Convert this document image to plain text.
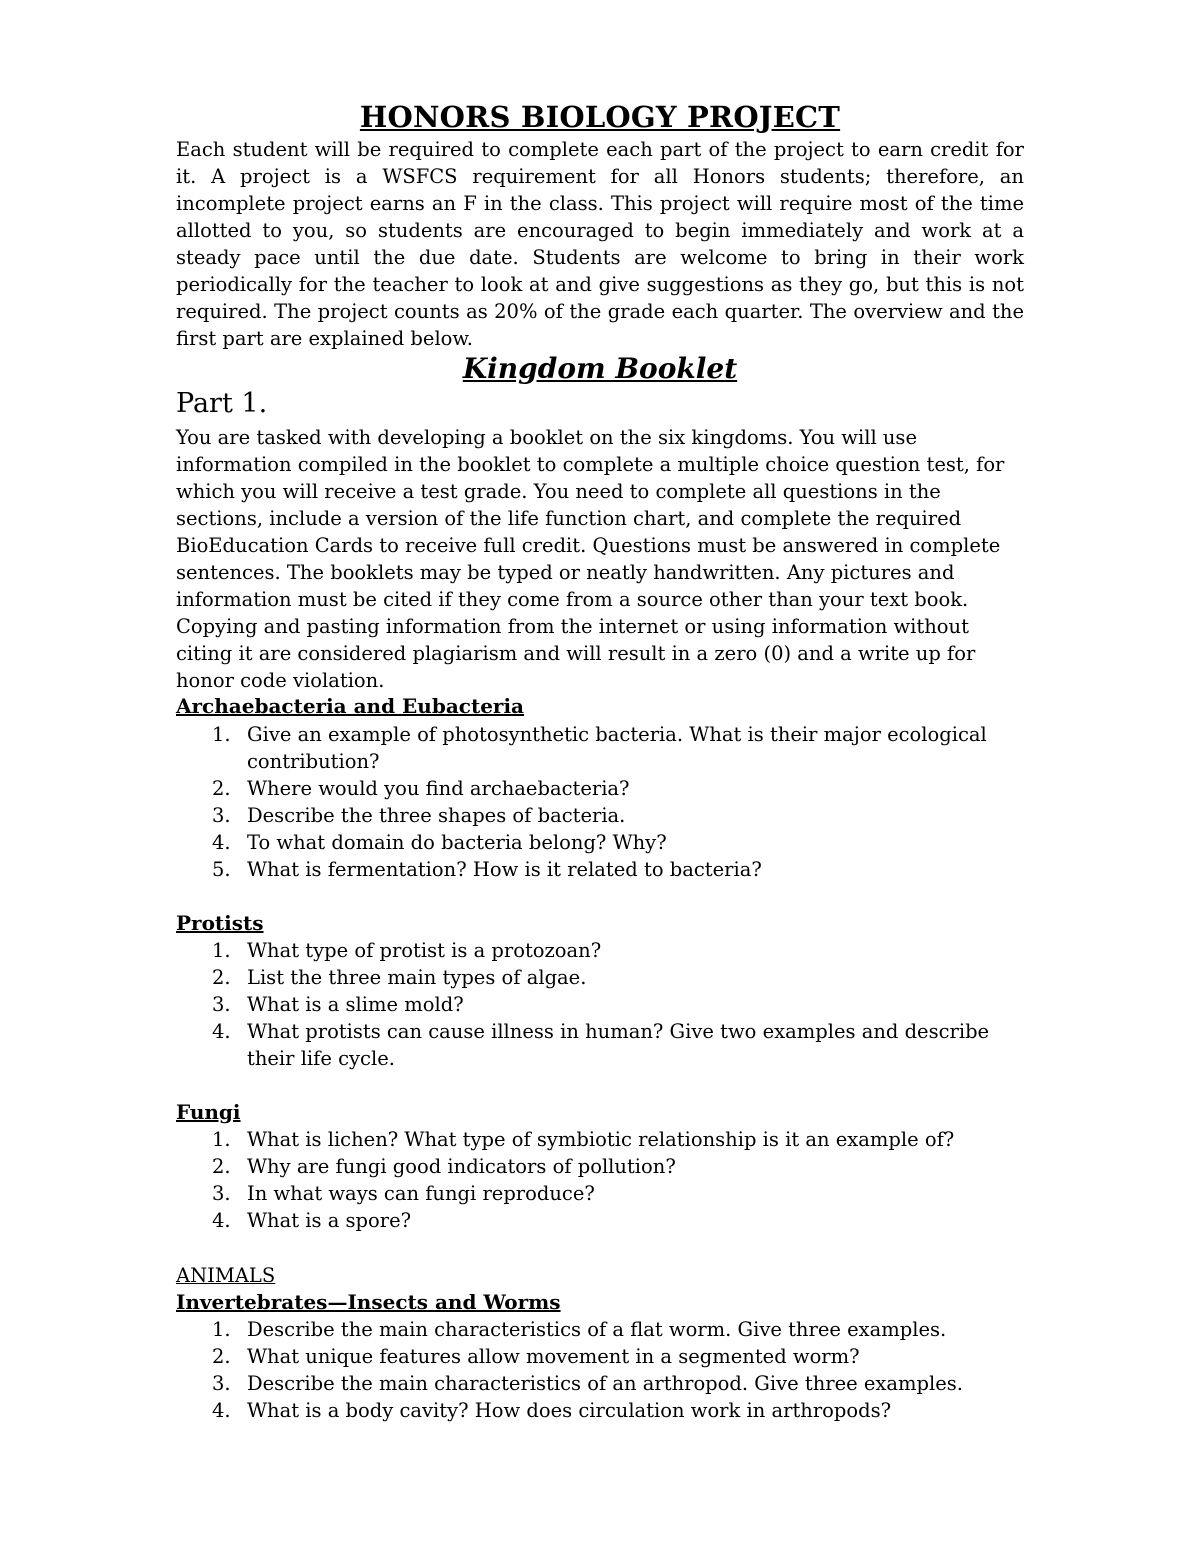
HONORS BIOLOGY PROJECT

Each student will be required to complete each part of the project to earn credit for it. A project is a WSFCS requirement for all Honors students; therefore, an incomplete project earns an F in the class. This project will require most of the time allotted to you, so students are encouraged to begin immediately and work at a steady pace until the due date. Students are welcome to bring in their work periodically for the teacher to look at and give suggestions as they go, but this is not required. The project counts as 20% of the grade each quarter. The overview and the first part are explained below.

Kingdom Booklet
Part 1.

You are tasked with developing a booklet on the six kingdoms. You will use information compiled in the booklet to complete a multiple choice question test, for which you will receive a test grade. You need to complete all questions in the sections, include a version of the life function chart, and complete the required BioEducation Cards to receive full credit. Questions must be answered in complete sentences. The booklets may be typed or neatly handwritten. Any pictures and information must be cited if they come from a source other than your text book. Copying and pasting information from the internet or using information without citing it are considered plagiarism and will result in a zero (0) and a write up for honor code violation.

Archaebacteria and Eubacteria
1. Give an example of photosynthetic bacteria. What is their major ecological contribution?
2. Where would you find archaebacteria?
3. Describe the three shapes of bacteria.
4. To what domain do bacteria belong? Why?
5. What is fermentation? How is it related to bacteria?
Protists
1. What type of protist is a protozoan?
2. List the three main types of algae.
3. What is a slime mold?
4. What protists can cause illness in human? Give two examples and describe their life cycle.
Fungi
1. What is lichen? What type of symbiotic relationship is it an example of?
2. Why are fungi good indicators of pollution?
3. In what ways can fungi reproduce?
4. What is a spore?
ANIMALS
Invertebrates—Insects and Worms
1. Describe the main characteristics of a flat worm. Give three examples.
2. What unique features allow movement in a segmented worm?
3. Describe the main characteristics of an arthropod. Give three examples.
4. What is a body cavity? How does circulation work in arthropods?
